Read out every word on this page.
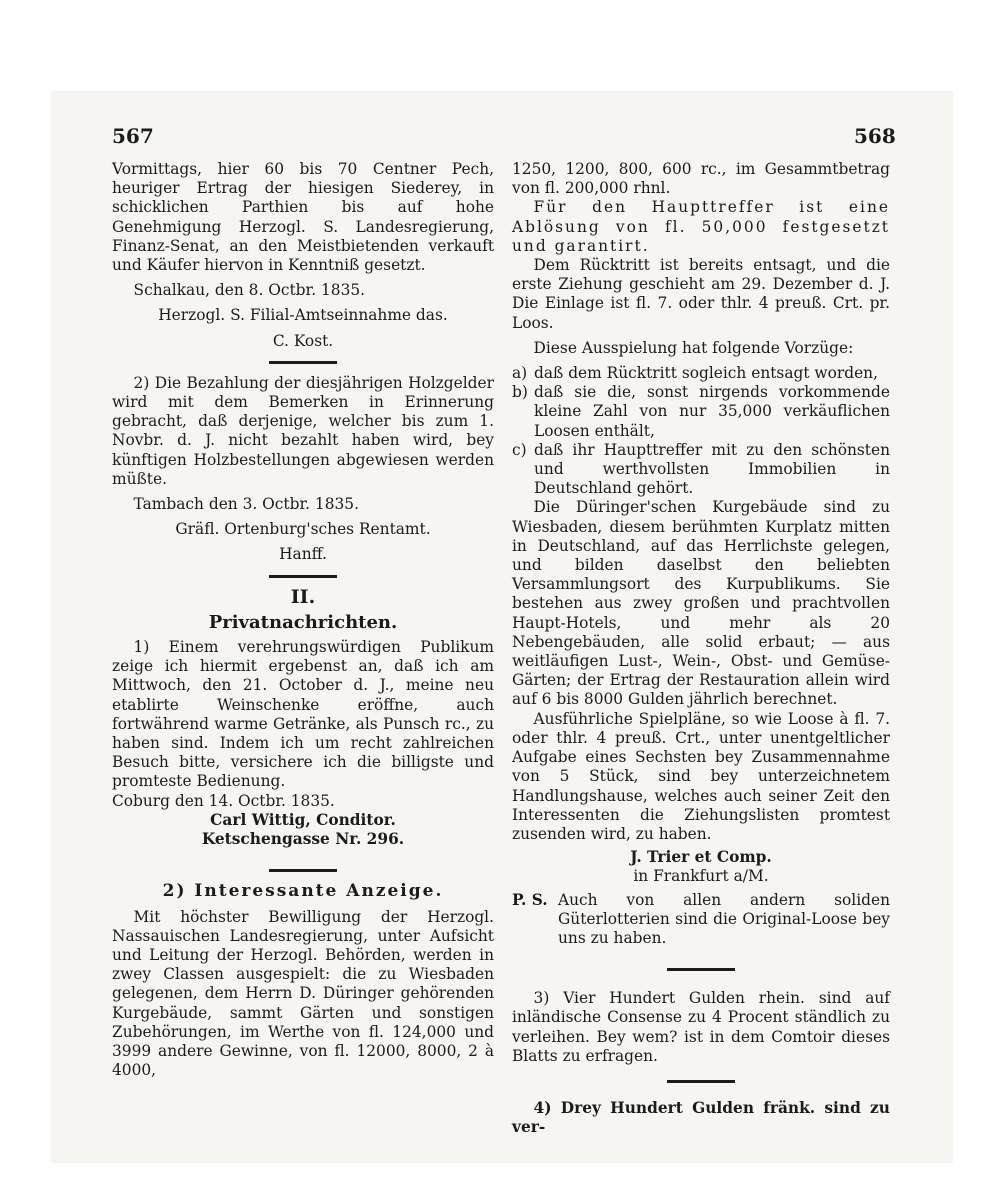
567	568

Vormittags, hier 60 bis 70 Centner Pech, heuriger Ertrag der hiesigen Siederey, in schicklichen Parthien bis auf hohe Genehmigung Herzogl. S. Landesregierung, Finanz-Senat, an den Meistbietenden verkauft und Käufer hiervon in Kenntniß gesetzt.

Schalkau, den 8. Octbr. 1835.

Herzogl. S. Filial-Amtseinnahme das.

C. Kost.

2) Die Bezahlung der diesjährigen Holzgelder wird mit dem Bemerken in Erinnerung gebracht, daß derjenige, welcher bis zum 1. Novbr. d. J. nicht bezahlt haben wird, bey künftigen Holzbestellungen abgewiesen werden müßte.

Tambach den 3. Octbr. 1835.

Gräfl. Ortenburg'sches Rentamt.

Hanff.

II.
Privatnachrichten.

1) Einem verehrungswürdigen Publikum zeige ich hiermit ergebenst an, daß ich am Mittwoch, den 21. October d. J., meine neu etablirte Weinschenke eröffne, auch fortwährend warme Getränke, als Punsch rc., zu haben sind. Indem ich um recht zahlreichen Besuch bitte, versichere ich die billigste und promteste Bedienung.

Coburg den 14. Octbr. 1835.

Carl Wittig, Conditor.

Ketschengasse Nr. 296.

2) Interessante Anzeige.

Mit höchster Bewilligung der Herzogl. Nassauischen Landesregierung, unter Aufsicht und Leitung der Herzogl. Behörden, werden in zwey Classen ausgespielt: die zu Wiesbaden gelegenen, dem Herrn D. Düringer gehörenden Kurgebäude, sammt Gärten und sonstigen Zubehörungen, im Werthe von fl. 124,000 und 3999 andere Gewinne, von fl. 12000, 8000, 2 à 4000,

1250, 1200, 800, 600 rc., im Gesammtbetrag von fl. 200,000 rhnl.

Für den Haupttreffer ist eine Ablösung von fl. 50,000 festgesetzt und garantirt.

Dem Rücktritt ist bereits entsagt, und die erste Ziehung geschieht am 29. Dezember d. J. Die Einlage ist fl. 7. oder thlr. 4 preuß. Crt. pr. Loos.

Diese Ausspielung hat folgende Vorzüge:

a) daß dem Rücktritt sogleich entsagt worden,
b) daß sie die, sonst nirgends vorkommende kleine Zahl von nur 35,000 verkäuflichen Loosen enthält,
c) daß ihr Haupttreffer mit zu den schönsten und werthvollsten Immobilien in Deutschland gehört.

Die Düringer'schen Kurgebäude sind zu Wiesbaden, diesem berühmten Kurplatz mitten in Deutschland, auf das Herrlichste gelegen, und bilden daselbst den beliebten Versammlungsort des Kurpublikums. Sie bestehen aus zwey großen und prachtvollen Haupt-Hotels, und mehr als 20 Nebengebäuden, alle solid erbaut; — aus weitläufigen Lust-, Wein-, Obst- und Gemüse-Gärten; der Ertrag der Restauration allein wird auf 6 bis 8000 Gulden jährlich berechnet.

Ausführliche Spielpläne, so wie Loose à fl. 7. oder thlr. 4 preuß. Crt., unter unentgeltlicher Aufgabe eines Sechsten bey Zusammennahme von 5 Stück, sind bey unterzeichnetem Handlungshause, welches auch seiner Zeit den Interessenten die Ziehungslisten promtest zusenden wird, zu haben.

J. Trier et Comp.

in Frankfurt a/M.

P. S. Auch von allen andern soliden Güterlotterien sind die Original-Loose bey uns zu haben.

3) Vier Hundert Gulden rhein. sind auf inländische Consense zu 4 Procent ständlich zu verleihen. Bey wem? ist in dem Comtoir dieses Blatts zu erfragen.

4) Drey Hundert Gulden fränk. sind zu ver-
